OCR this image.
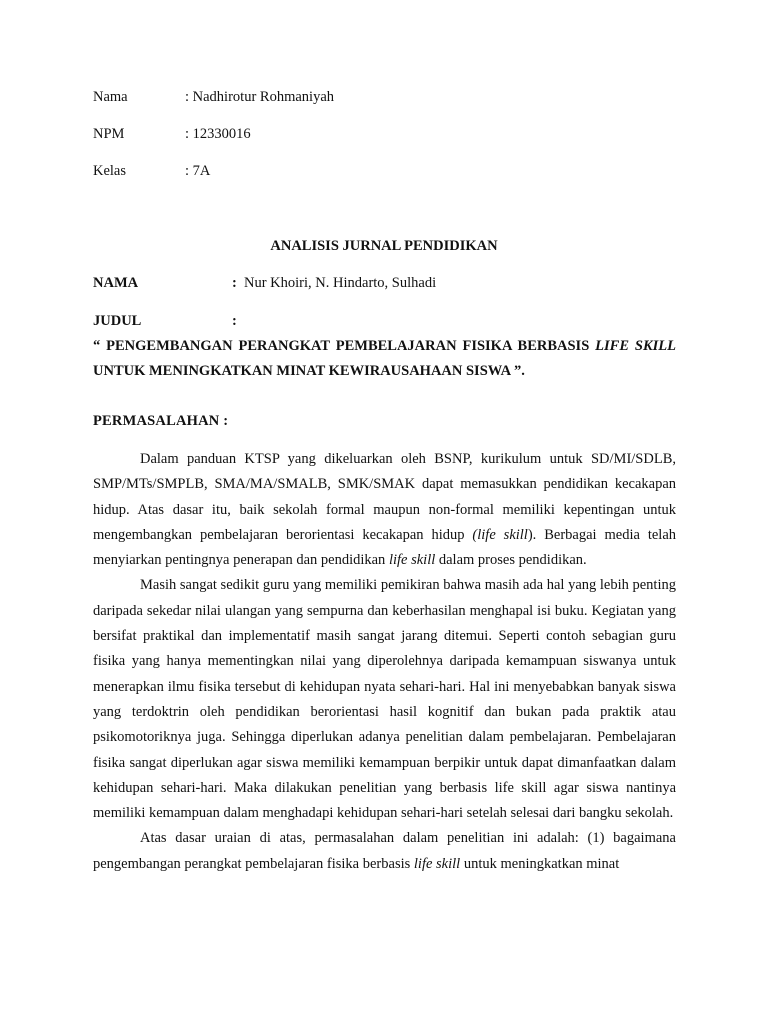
Nama	: Nadhirotur Rohmaniyah
NPM	: 12330016
Kelas	: 7A
ANALISIS JURNAL PENDIDIKAN
NAMA	: Nur Khoiri, N. Hindarto, Sulhadi
JUDUL	:
“ PENGEMBANGAN PERANGKAT PEMBELAJARAN FISIKA BERBASIS LIFE SKILL UNTUK MENINGKATKAN MINAT KEWIRAUSAHAAN SISWA ”.
PERMASALAHAN :

Dalam panduan KTSP yang dikeluarkan oleh BSNP, kurikulum untuk SD/MI/SDLB, SMP/MTs/SMPLB, SMA/MA/SMALB, SMK/SMAK dapat memasukkan pendidikan kecakapan hidup. Atas dasar itu, baik sekolah formal maupun non-formal memiliki kepentingan untuk mengembangkan pembelajaran berorientasi kecakapan hidup (life skill). Berbagai media telah menyiarkan pentingnya penerapan dan pendidikan life skill dalam proses pendidikan.

Masih sangat sedikit guru yang memiliki pemikiran bahwa masih ada hal yang lebih penting daripada sekedar nilai ulangan yang sempurna dan keberhasilan menghapal isi buku. Kegiatan yang bersifat praktikal dan implementatif masih sangat jarang ditemui. Seperti contoh sebagian guru fisika yang hanya mementingkan nilai yang diperolehnya daripada kemampuan siswanya untuk menerapkan ilmu fisika tersebut di kehidupan nyata sehari-hari. Hal ini menyebabkan banyak siswa yang terdoktrin oleh pendidikan berorientasi hasil kognitif dan bukan pada praktik atau psikomotoriknya juga. Sehingga diperlukan adanya penelitian dalam pembelajaran. Pembelajaran fisika sangat diperlukan agar siswa memiliki kemampuan berpikir untuk dapat dimanfaatkan dalam kehidupan sehari-hari. Maka dilakukan penelitian yang berbasis life skill agar siswa nantinya memiliki kemampuan dalam menghadapi kehidupan sehari-hari setelah selesai dari bangku sekolah.

Atas dasar uraian di atas, permasalahan dalam penelitian ini adalah: (1) bagaimana pengembangan perangkat pembelajaran fisika berbasis life skill untuk meningkatkan minat
